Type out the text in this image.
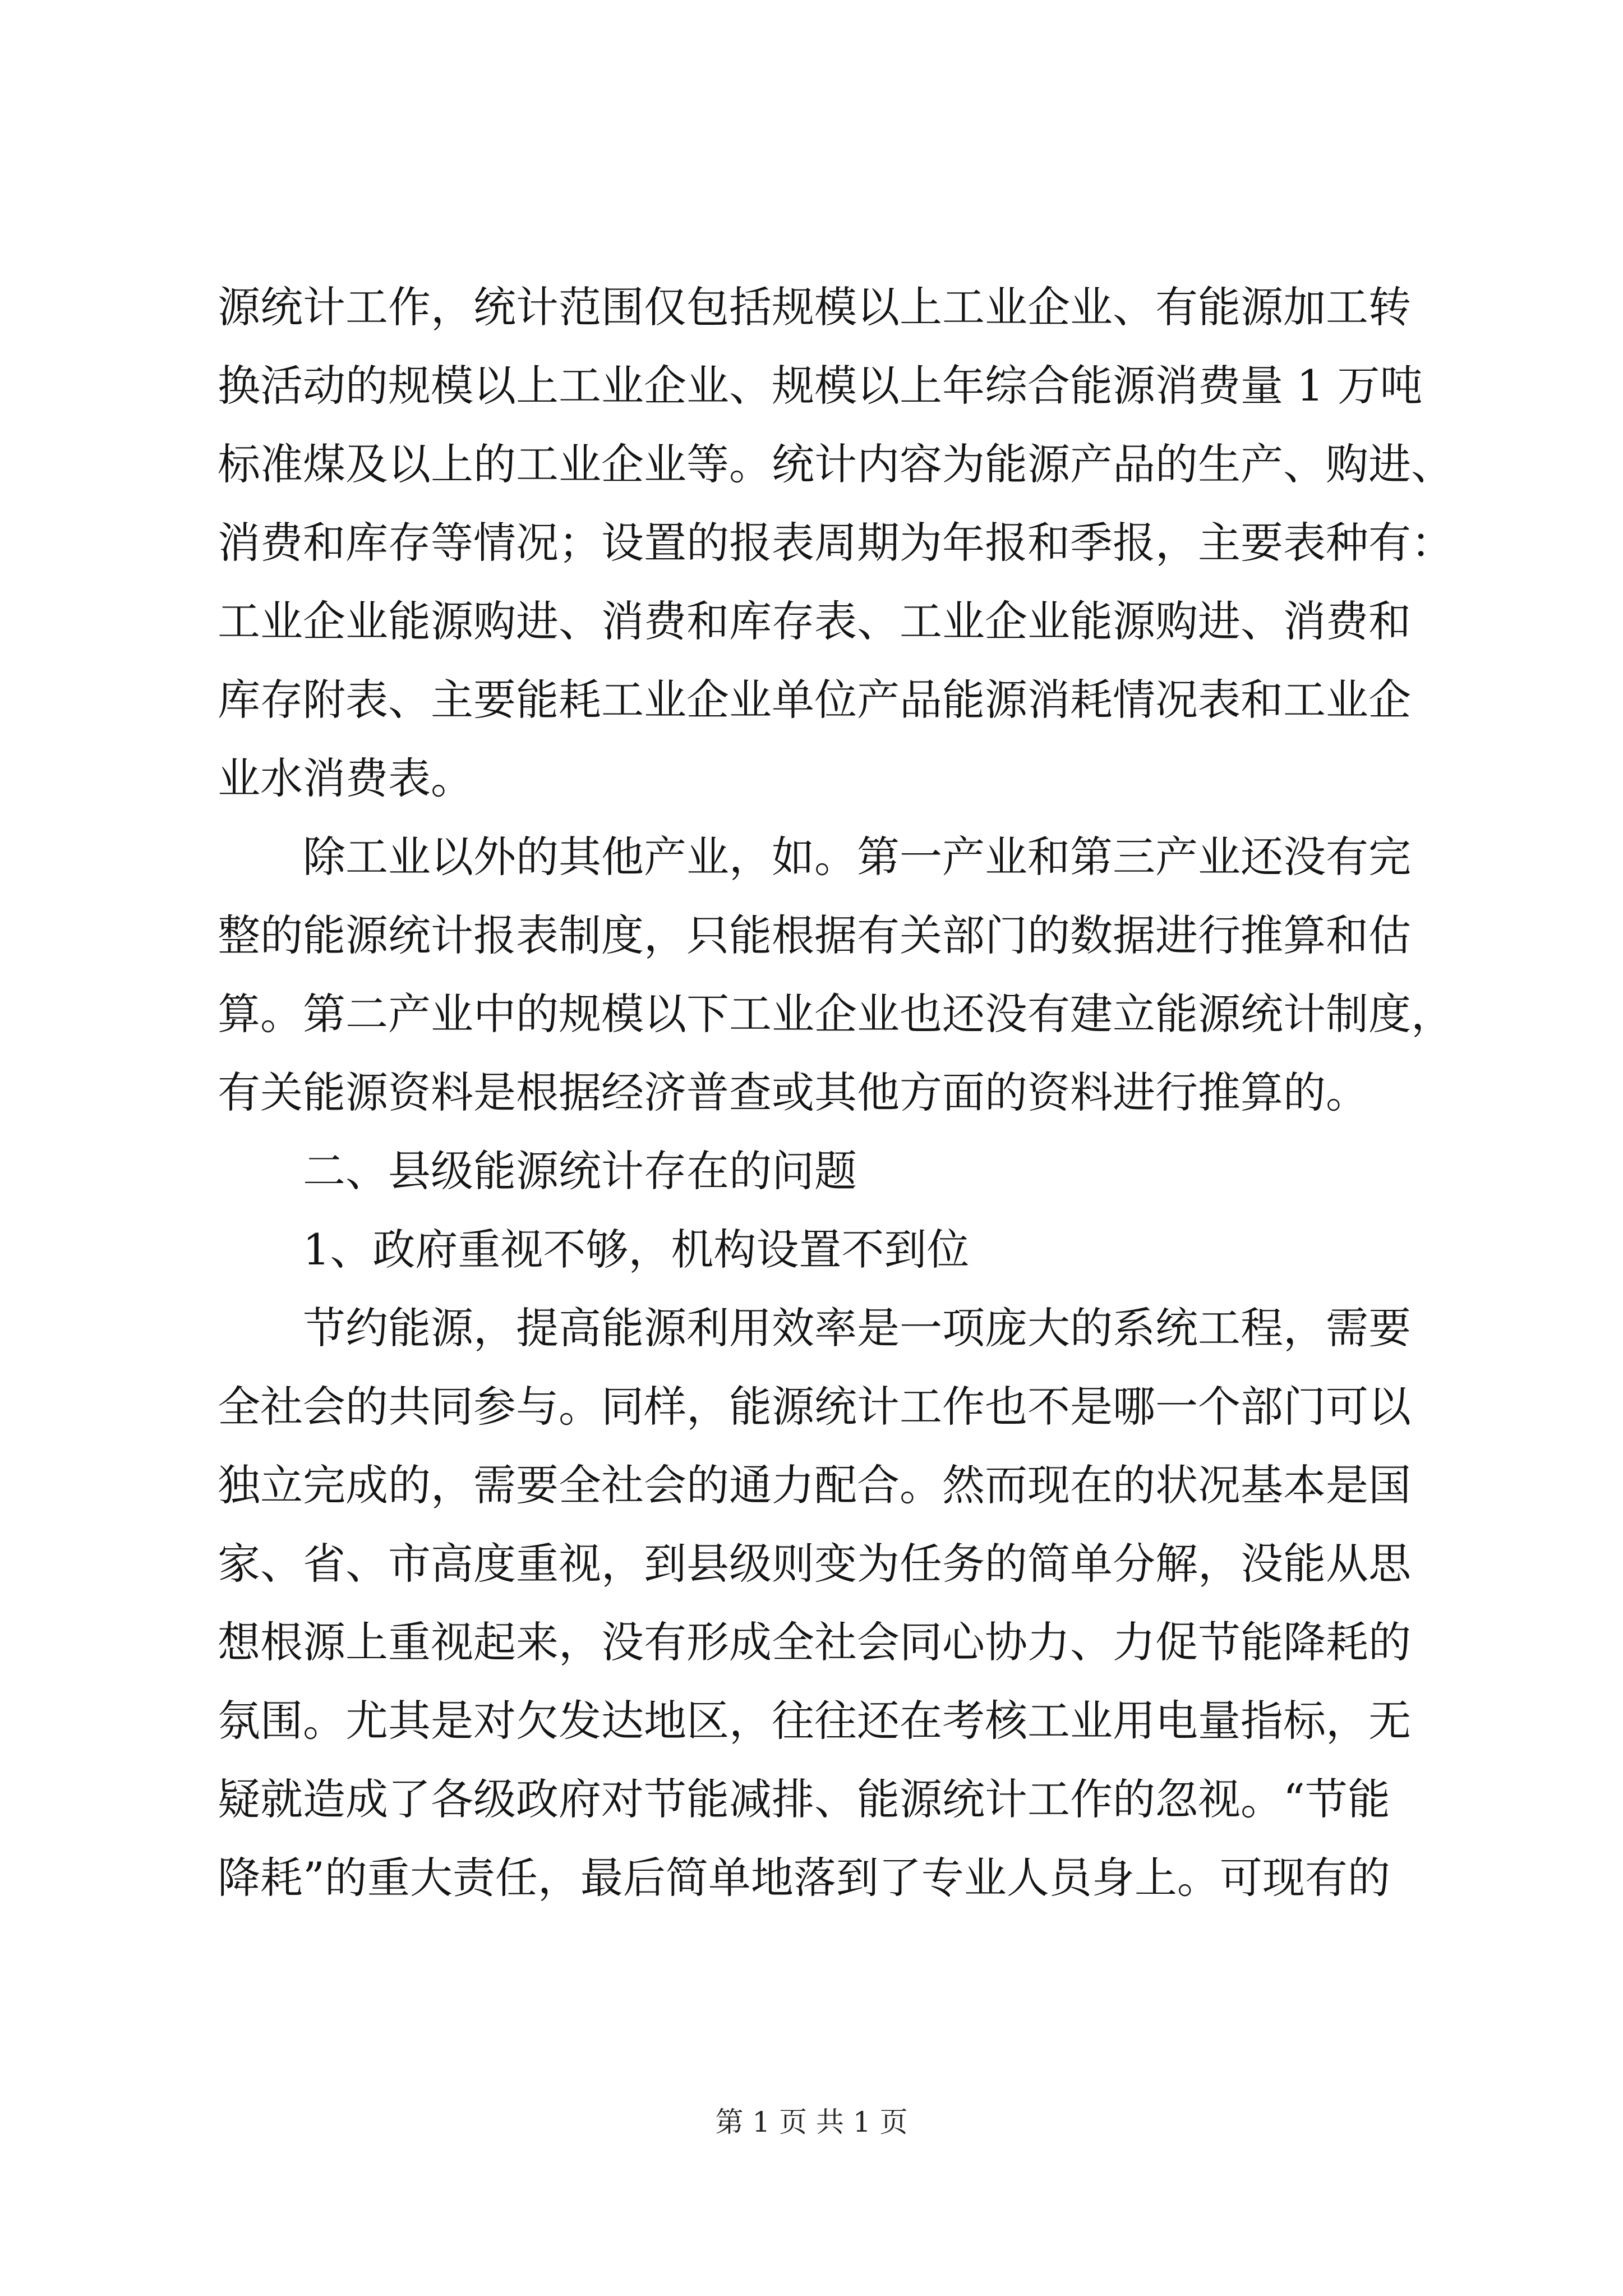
源统计工作，统计范围仅包括规模以上工业企业、有能源加工转
换活动的规模以上工业企业、规模以上年综合能源消费量 1 万吨
标准煤及以上的工业企业等。统计内容为能源产品的生产、购进、
消费和库存等情况；设置的报表周期为年报和季报，主要表种有：
工业企业能源购进、消费和库存表、工业企业能源购进、消费和
库存附表、主要能耗工业企业单位产品能源消耗情况表和工业企
业水消费表。
除工业以外的其他产业，如。第一产业和第三产业还没有完
整的能源统计报表制度，只能根据有关部门的数据进行推算和估
算。第二产业中的规模以下工业企业也还没有建立能源统计制度，
有关能源资料是根据经济普查或其他方面的资料进行推算的。
二、县级能源统计存在的问题
1、政府重视不够，机构设置不到位
节约能源，提高能源利用效率是一项庞大的系统工程，需要
全社会的共同参与。同样，能源统计工作也不是哪一个部门可以
独立完成的，需要全社会的通力配合。然而现在的状况基本是国
家、省、市高度重视，到县级则变为任务的简单分解，没能从思
想根源上重视起来，没有形成全社会同心协力、力促节能降耗的
氛围。尤其是对欠发达地区，往往还在考核工业用电量指标，无
疑就造成了各级政府对节能减排、能源统计工作的忽视。“节能
降耗”的重大责任，最后简单地落到了专业人员身上。可现有的
第 1 页 共 1 页
